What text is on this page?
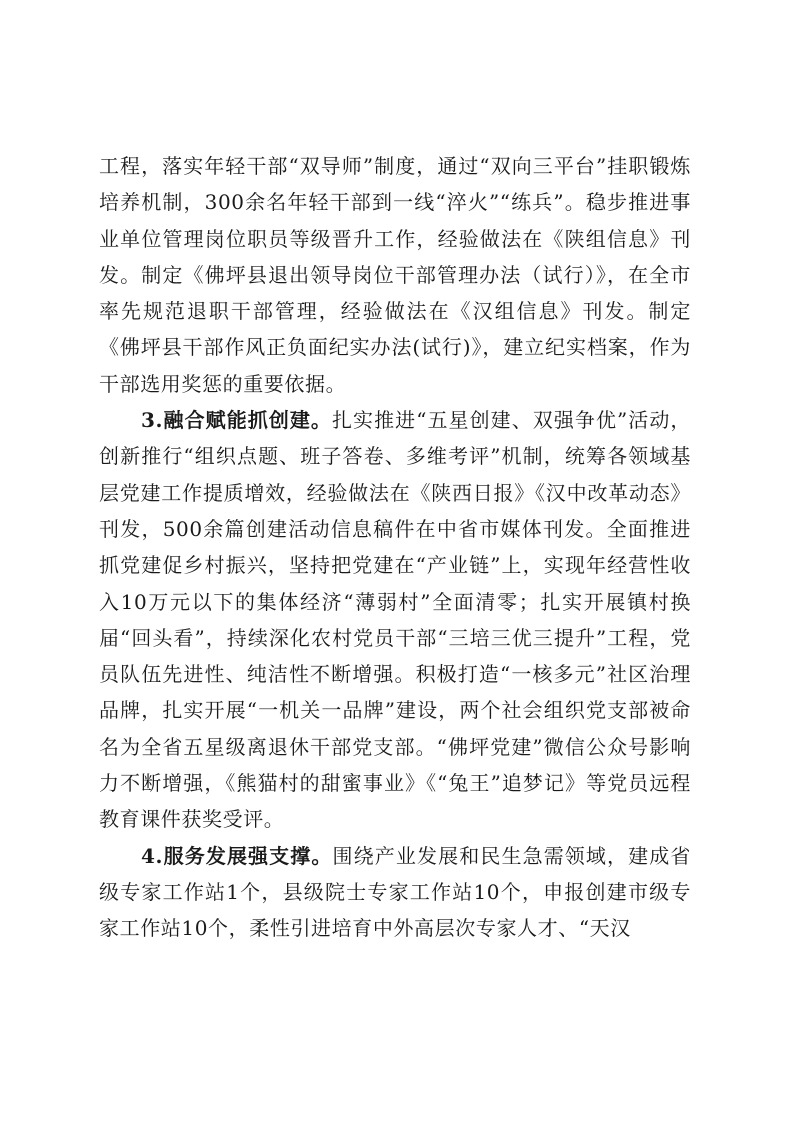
工程，落实年轻干部“双导师”制度，通过“双向三平台”挂职锻炼培养机制，300余名年轻干部到一线“淬火”“练兵”。稳步推进事业单位管理岗位职员等级晋升工作，经验做法在《陕组信息》刊发。制定《佛坪县退出领导岗位干部管理办法（试行）》，在全市率先规范退职干部管理，经验做法在《汉组信息》刊发。制定《佛坪县干部作风正负面纪实办法(试行)》，建立纪实档案，作为干部选用奖惩的重要依据。

3.融合赋能抓创建。扎实推进“五星创建、双强争优”活动，创新推行“组织点题、班子答卷、多维考评”机制，统筹各领域基层党建工作提质增效，经验做法在《陕西日报》《汉中改革动态》刊发，500余篇创建活动信息稿件在中省市媒体刊发。全面推进抓党建促乡村振兴，坚持把党建在“产业链”上，实现年经营性收入10万元以下的集体经济“薄弱村”全面清零；扎实开展镇村换届“回头看”，持续深化农村党员干部“三培三优三提升”工程，党员队伍先进性、纯洁性不断增强。积极打造“一核多元”社区治理品牌，扎实开展“一机关一品牌”建设，两个社会组织党支部被命名为全省五星级离退休干部党支部。“佛坪党建”微信公众号影响力不断增强，《熊猫村的甜蜜事业》《“兔王”追梦记》等党员远程教育课件获奖受评。

4.服务发展强支撑。围绕产业发展和民生急需领域，建成省级专家工作站1个，县级院士专家工作站10个，申报创建市级专家工作站10个，柔性引进培育中外高层次专家人才、“天汉
